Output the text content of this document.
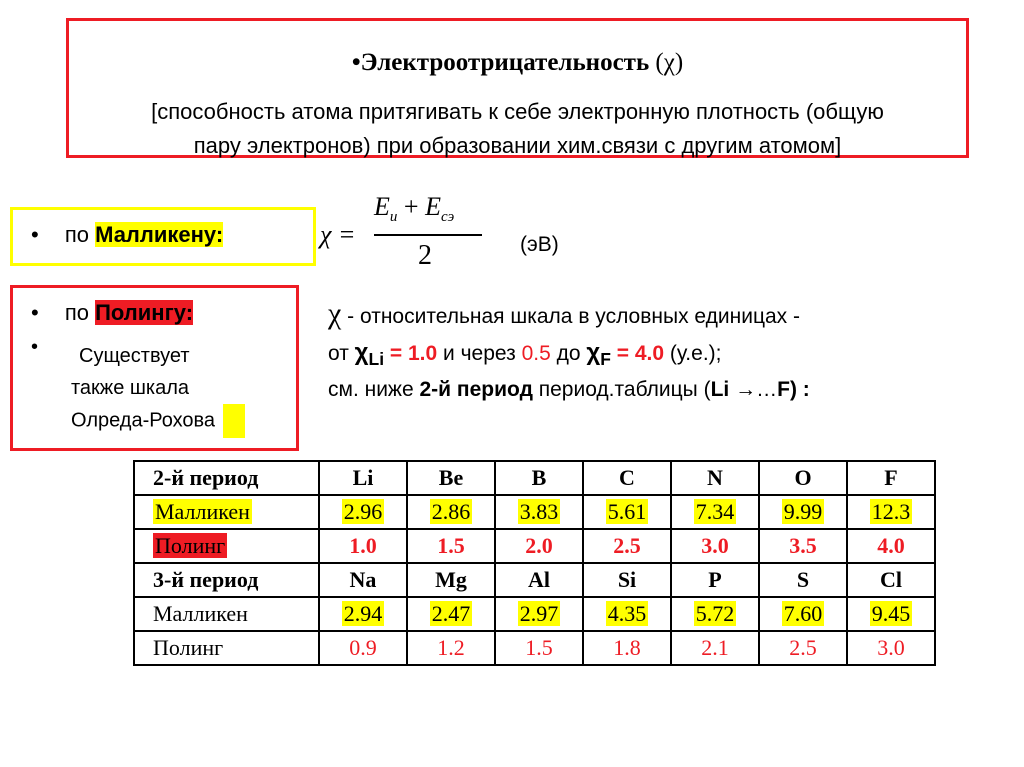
•Электроотрицательность (χ)
[способность атома притягивать к себе электронную плотность (общую
пару электронов) при образовании хим.связи с другим атомом]
• по Малликену:	χ =
$E_и + E_{сэ}$
2	(эВ)
• по Полингу:
•	Существует
также шкала
Олреда-Рохова
χ - относительная шкала в условных единицах -
от $\chi_{Li} = 1.0$ и через 0.5 до $\chi_F = 4.0$ (у.е.);
см. ниже 2-й период период.таблицы (Li →…F) :
2-й период	Li	Be	B	C	N	O	F
Малликен	2.96	2.86	3.83	5.61	7.34	9.99	12.3
Полинг	1.0	1.5	2.0	2.5	3.0	3.5	4.0
3-й период	Na	Mg	Al	Si	P	S	Cl
Малликен	2.94	2.47	2.97	4.35	5.72	7.60	9.45
Полинг	0.9	1.2	1.5	1.8	2.1	2.5	3.0
